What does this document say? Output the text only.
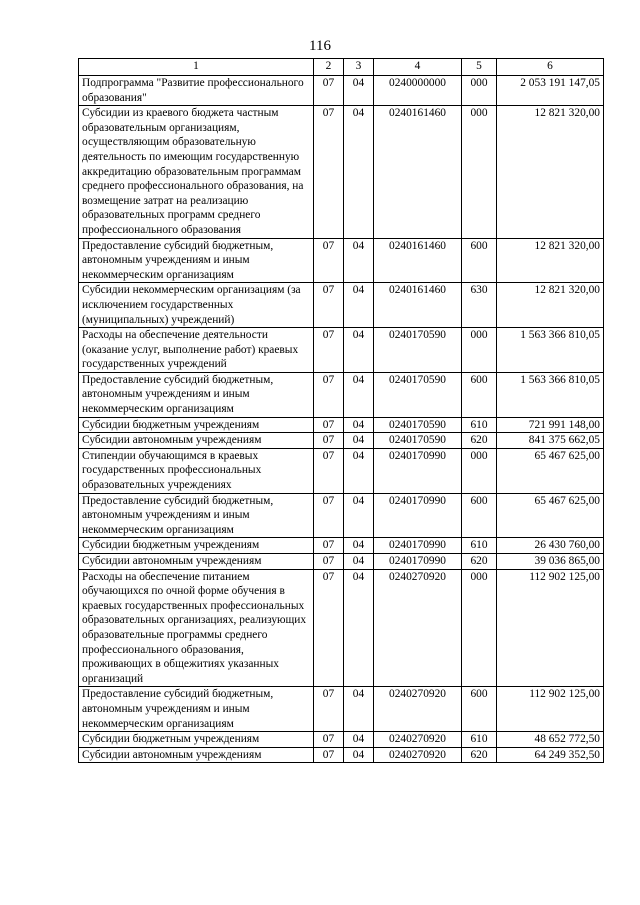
116
1	2	3	4	5	6
Подпрограмма "Развитие профессионального образования"	07	04	0240000000	000	2 053 191 147,05
Субсидии из краевого бюджета частным образовательным организациям, осуществляющим образовательную деятельность по имеющим государственную аккредитацию образовательным программам среднего профессионального образования, на возмещение затрат на реализацию образовательных программ среднего профессионального образования	07	04	0240161460	000	12 821 320,00
Предоставление субсидий бюджетным, автономным учреждениям и иным некоммерческим организациям	07	04	0240161460	600	12 821 320,00
Субсидии некоммерческим организациям (за исключением государственных (муниципальных) учреждений)	07	04	0240161460	630	12 821 320,00
Расходы на обеспечение деятельности (оказание услуг, выполнение работ) краевых государственных учреждений	07	04	0240170590	000	1 563 366 810,05
Предоставление субсидий бюджетным, автономным учреждениям и иным некоммерческим организациям	07	04	0240170590	600	1 563 366 810,05
Субсидии бюджетным учреждениям	07	04	0240170590	610	721 991 148,00
Субсидии автономным учреждениям	07	04	0240170590	620	841 375 662,05
Стипендии обучающимся в краевых государственных профессиональных образовательных учреждениях	07	04	0240170990	000	65 467 625,00
Предоставление субсидий бюджетным, автономным учреждениям и иным некоммерческим организациям	07	04	0240170990	600	65 467 625,00
Субсидии бюджетным учреждениям	07	04	0240170990	610	26 430 760,00
Субсидии автономным учреждениям	07	04	0240170990	620	39 036 865,00
Расходы на обеспечение питанием обучающихся по очной форме обучения в краевых государственных профессиональных образовательных организациях, реализующих образовательные программы среднего профессионального образования, проживающих в общежитиях указанных организаций	07	04	0240270920	000	112 902 125,00
Предоставление субсидий бюджетным, автономным учреждениям и иным некоммерческим организациям	07	04	0240270920	600	112 902 125,00
Субсидии бюджетным учреждениям	07	04	0240270920	610	48 652 772,50
Субсидии автономным учреждениям	07	04	0240270920	620	64 249 352,50
